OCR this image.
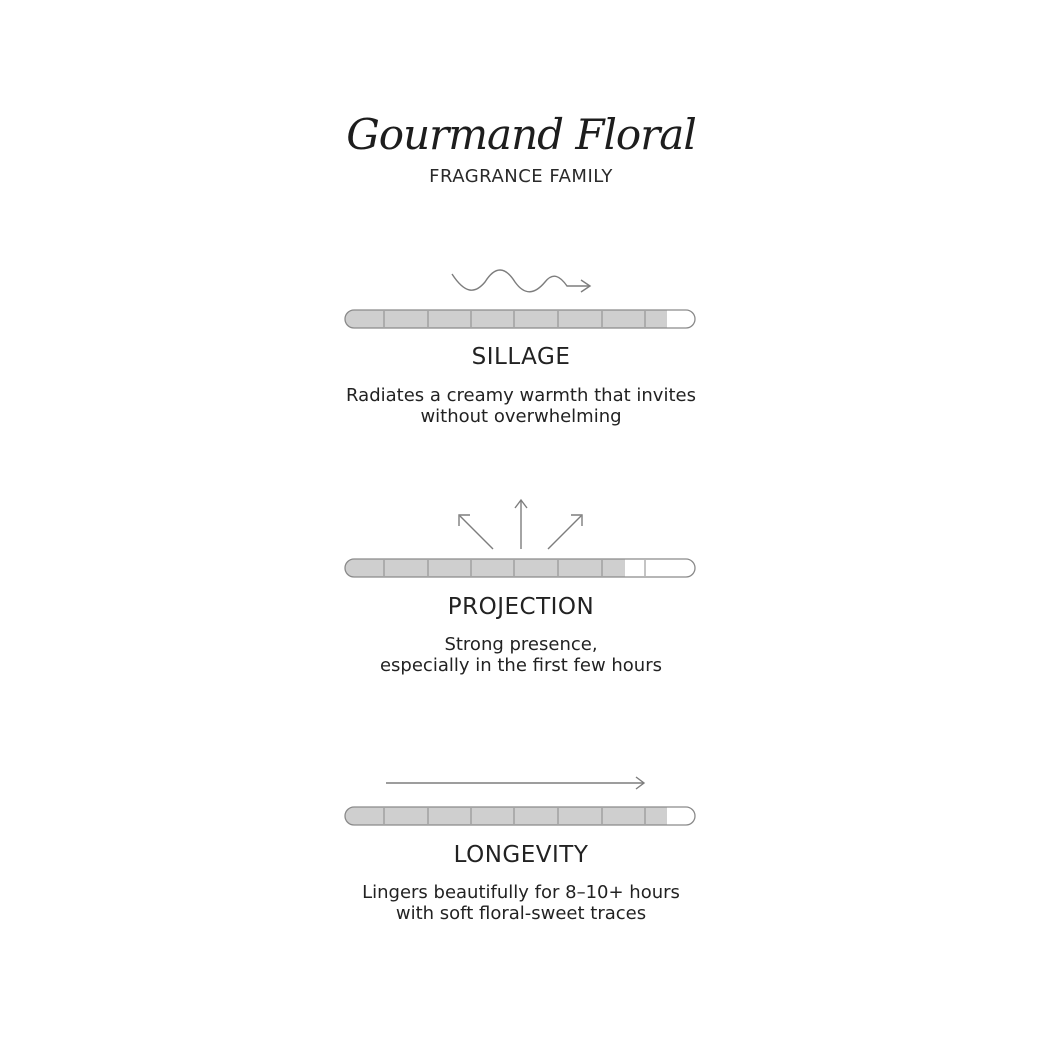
Gourmand Floral
FRAGRANCE FAMILY
SILLAGE
Radiates a creamy warmth that invites
without overwhelming
PROJECTION
Strong presence,
especially in the first few hours
LONGEVITY
Lingers beautifully for 8–10+ hours
with soft floral-sweet traces
